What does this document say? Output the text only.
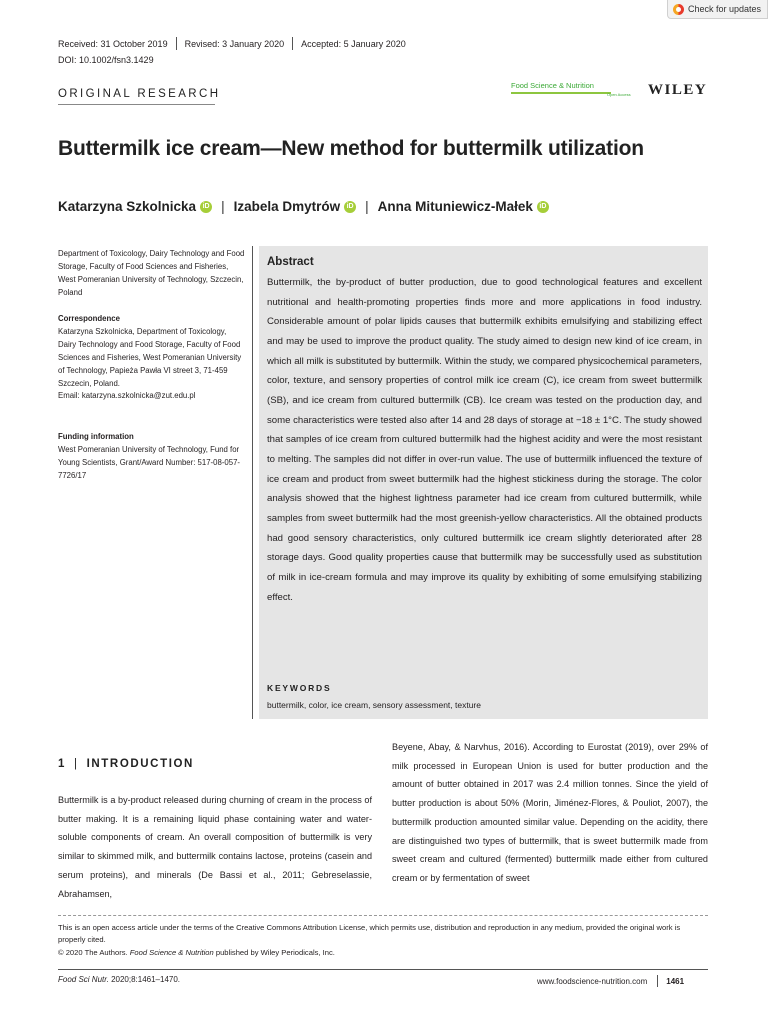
Check for updates
Received: 31 October 2019 Revised: 3 January 2020 Accepted: 5 January 2020
DOI: 10.1002/fsn3.1429
Food Science & Nutrition
Open Access WILEY
ORIGINAL RESEARCH
Buttermilk ice cream—New method for buttermilk utilization
Katarzyna Szkolnicka iD | Izabela Dmytrów iD | Anna Mituniewicz-Małek iD

Department of Toxicology, Dairy Technology and Food Storage, Faculty of Food Sciences and Fisheries, West Pomeranian University of Technology, Szczecin, Poland

Correspondence

Katarzyna Szkolnicka, Department of Toxicology, Dairy Technology and Food Storage, Faculty of Food Sciences and Fisheries, West Pomeranian University of Technology, Papieża Pawła VI street 3, 71-459 Szczecin, Poland.

Email: katarzyna.szkolnicka@zut.edu.pl

Funding information

West Pomeranian University of Technology, Fund for Young Scientists, Grant/Award Number: 517-08-057-7726/17

Abstract

Buttermilk, the by-product of butter production, due to good technological features and excellent nutritional and health-promoting properties finds more and more applications in food industry. Considerable amount of polar lipids causes that buttermilk exhibits emulsifying and stabilizing effect and may be used to improve the product quality. The study aimed to design new kind of ice cream, in which all milk is substituted by buttermilk. Within the study, we compared physicochemical parameters, color, texture, and sensory properties of control milk ice cream (C), ice cream from sweet buttermilk (SB), and ice cream from cultured buttermilk (CB). Ice cream was tested on the production day, and some characteristics were tested also after 14 and 28 days of storage at −18 ± 1°C. The study showed that samples of ice cream from cultured buttermilk had the highest acidity and were the most resistant to melting. The samples did not differ in over-run value. The use of buttermilk influenced the texture of ice cream and product from sweet buttermilk had the highest stickiness during the storage. The color analysis showed that the highest lightness parameter had ice cream from cultured buttermilk, while samples from sweet buttermilk had the most greenish-yellow characteristics. All the obtained products had good sensory characteristics, only cultured buttermilk ice cream slightly deteriorated after 28 storage days. Good quality properties cause that buttermilk may be successfully used as substitution of milk in ice-cream formula and may improve its quality by exhibiting of some emulsifying stabilizing effect.

KEYWORDS
buttermilk, color, ice cream, sensory assessment, texture
1 | INTRODUCTION

Buttermilk is a by-product released during churning of cream in the process of butter making. It is a remaining liquid phase containing water and water-soluble components of cream. An overall composition of buttermilk is very similar to skimmed milk, and buttermilk contains lactose, proteins (casein and serum proteins), and minerals (De Bassi et al., 2011; Gebreselassie, Abrahamsen,

Beyene, Abay, & Narvhus, 2016). According to Eurostat (2019), over 29% of milk processed in European Union is used for butter production and the amount of butter obtained in 2017 was 2.4 million tonnes. Since the yield of butter production is about 50% (Morin, Jiménez-Flores, & Pouliot, 2007), the buttermilk production amounted similar value. Depending on the acidity, there are distinguished two types of buttermilk, that is sweet buttermilk made from sweet cream and cultured (fermented) buttermilk made either from cultured cream or by fermentation of sweet

This is an open access article under the terms of the Creative Commons Attribution License, which permits use, distribution and reproduction in any medium, provided the original work is properly cited.

© 2020 The Authors. Food Science & Nutrition published by Wiley Periodicals, Inc.

Food Sci Nutr. 2020;8:1461–1470.	www.foodscience-nutrition.com 1461
